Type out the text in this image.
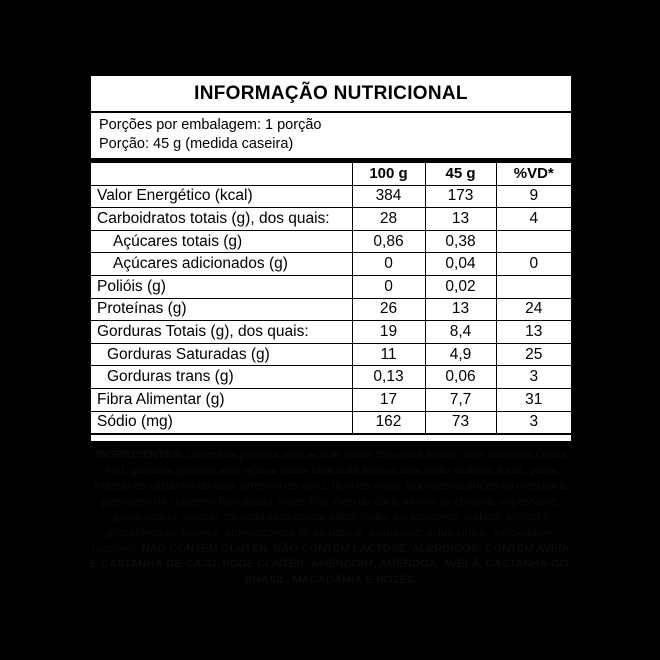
INFORMAÇÃO NUTRICIONAL
Porções por embalagem: 1 porção
Porção: 45 g (medida caseira)
	100 g	45 g	%VD*
Valor Energético (kcal)	384	173	9
Carboidratos totais (g), dos quais:	28	13	4
Açúcares totais (g)	0,86	0,38	
Açúcares adicionados (g)	0	0,04	0
Polióis (g)	0	0,02	
Proteínas (g)	26	13	24
Gorduras Totais (g), dos quais:	19	8,4	13
Gorduras Saturadas (g)	11	4,9	25
Gorduras trans (g)	0,13	0,06	3
Fibra Alimentar (g)	17	7,7	31
Sódio (mg)	162	73	3
*Percentual de valores diários fornecidos pela porção.
INGREDIENTES: Cobertura proteica zero açúcar sabor chocolate branco com colágeno Grass Fed, ganache proteico zero açúcar sabor chocolate branco com limão siciliano e taiti, pasta integral de castanha-de-caju, proteína de arroz, fibra de aveia, isooligossacarídeo da mandioca, peptídeos de colágeno hidrolisado Grass Fed, óleo de coco, inulina de chicória, espessante: goma acácia, biscoito triturado zero açúcar sabor limão, edulcorantes: sorbitol, eritritol e glicosídeos de esteviol, aromatizantes id. ao natural, acidulante: ácido cítrico, antioxidante: tocoferol. NÃO CONTÉM GLÚTEN. NÃO CONTÉM LACTOSE. ALÉRGICOS: CONTÉM AVEIA E CASTANHA-DE-CAJU. PODE CONTER: AMENDOIM, AMÊNDOA, AVELÃ, CASTANHA-DO-BRASIL, MACADÂMIA E NOZES.
